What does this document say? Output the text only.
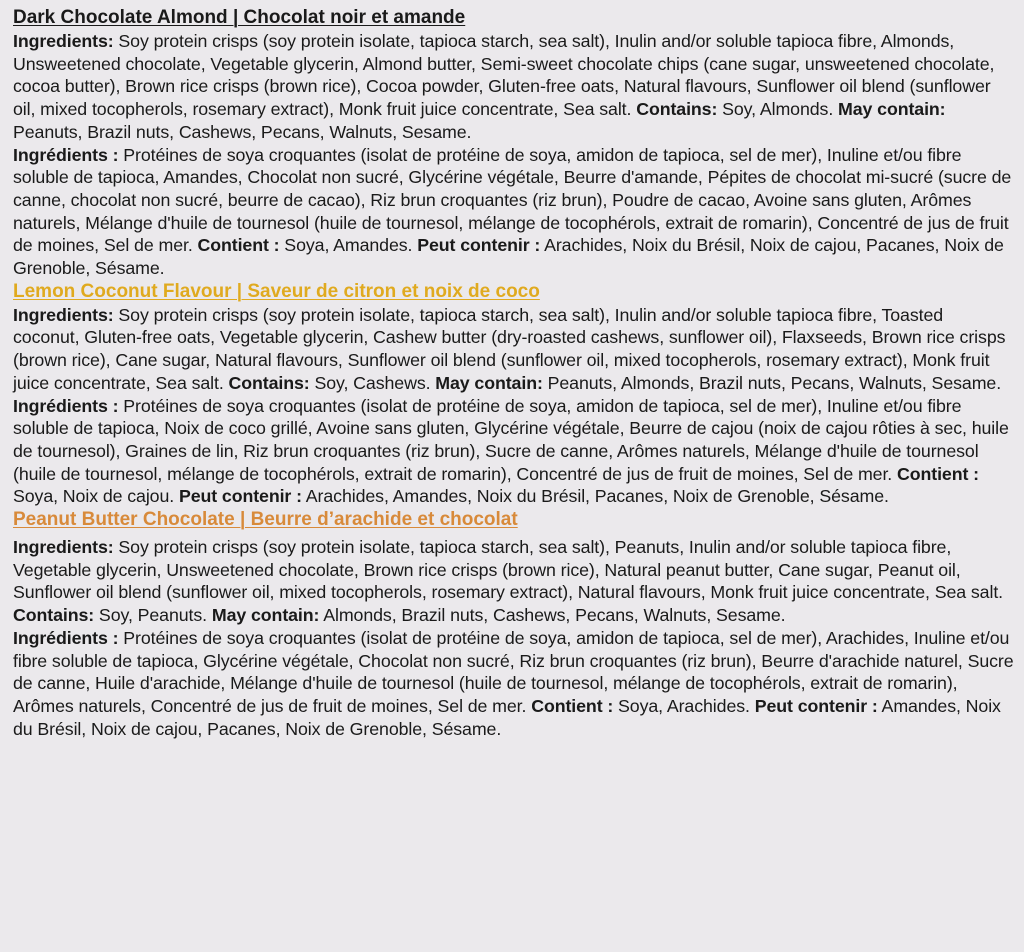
Dark Chocolate Almond | Chocolat noir et amande

Ingredients: Soy protein crisps (soy protein isolate, tapioca starch, sea salt), Inulin and/or soluble tapioca fibre, Almonds, Unsweetened chocolate, Vegetable glycerin, Almond butter, Semi-sweet chocolate chips (cane sugar, unsweetened chocolate, cocoa butter), Brown rice crisps (brown rice), Cocoa powder, Gluten-free oats, Natural flavours, Sunflower oil blend (sunflower oil, mixed tocopherols, rosemary extract), Monk fruit juice concentrate, Sea salt. Contains: Soy, Almonds. May contain: Peanuts, Brazil nuts, Cashews, Pecans, Walnuts, Sesame.

Ingrédients : Protéines de soya croquantes (isolat de protéine de soya, amidon de tapioca, sel de mer), Inuline et/ou fibre soluble de tapioca, Amandes, Chocolat non sucré, Glycérine végétale, Beurre d'amande, Pépites de chocolat mi-sucré (sucre de canne, chocolat non sucré, beurre de cacao), Riz brun croquantes (riz brun), Poudre de cacao, Avoine sans gluten, Arômes naturels, Mélange d'huile de tournesol (huile de tournesol, mélange de tocophérols, extrait de romarin), Concentré de jus de fruit de moines, Sel de mer. Contient : Soya, Amandes. Peut contenir : Arachides, Noix du Brésil, Noix de cajou, Pacanes, Noix de Grenoble, Sésame.

Lemon Coconut Flavour | Saveur de citron et noix de coco

Ingredients: Soy protein crisps (soy protein isolate, tapioca starch, sea salt), Inulin and/or soluble tapioca fibre, Toasted coconut, Gluten-free oats, Vegetable glycerin, Cashew butter (dry-roasted cashews, sunflower oil), Flaxseeds, Brown rice crisps (brown rice), Cane sugar, Natural flavours, Sunflower oil blend (sunflower oil, mixed tocopherols, rosemary extract), Monk fruit juice concentrate, Sea salt. Contains: Soy, Cashews. May contain: Peanuts, Almonds, Brazil nuts, Pecans, Walnuts, Sesame.

Ingrédients : Protéines de soya croquantes (isolat de protéine de soya, amidon de tapioca, sel de mer), Inuline et/ou fibre soluble de tapioca, Noix de coco grillé, Avoine sans gluten, Glycérine végétale, Beurre de cajou (noix de cajou rôties à sec, huile de tournesol), Graines de lin, Riz brun croquantes (riz brun), Sucre de canne, Arômes naturels, Mélange d'huile de tournesol (huile de tournesol, mélange de tocophérols, extrait de romarin), Concentré de jus de fruit de moines, Sel de mer. Contient : Soya, Noix de cajou. Peut contenir : Arachides, Amandes, Noix du Brésil, Pacanes, Noix de Grenoble, Sésame.

Peanut Butter Chocolate | Beurre d’arachide et chocolat

Ingredients: Soy protein crisps (soy protein isolate, tapioca starch, sea salt), Peanuts, Inulin and/or soluble tapioca fibre, Vegetable glycerin, Unsweetened chocolate, Brown rice crisps (brown rice), Natural peanut butter, Cane sugar, Peanut oil, Sunflower oil blend (sunflower oil, mixed tocopherols, rosemary extract), Natural flavours, Monk fruit juice concentrate, Sea salt. Contains: Soy, Peanuts. May contain: Almonds, Brazil nuts, Cashews, Pecans, Walnuts, Sesame.

Ingrédients : Protéines de soya croquantes (isolat de protéine de soya, amidon de tapioca, sel de mer), Arachides, Inuline et/ou fibre soluble de tapioca, Glycérine végétale, Chocolat non sucré, Riz brun croquantes (riz brun), Beurre d'arachide naturel, Sucre de canne, Huile d'arachide, Mélange d'huile de tournesol (huile de tournesol, mélange de tocophérols, extrait de romarin), Arômes naturels, Concentré de jus de fruit de moines, Sel de mer. Contient : Soya, Arachides. Peut contenir : Amandes, Noix du Brésil, Noix de cajou, Pacanes, Noix de Grenoble, Sésame.
